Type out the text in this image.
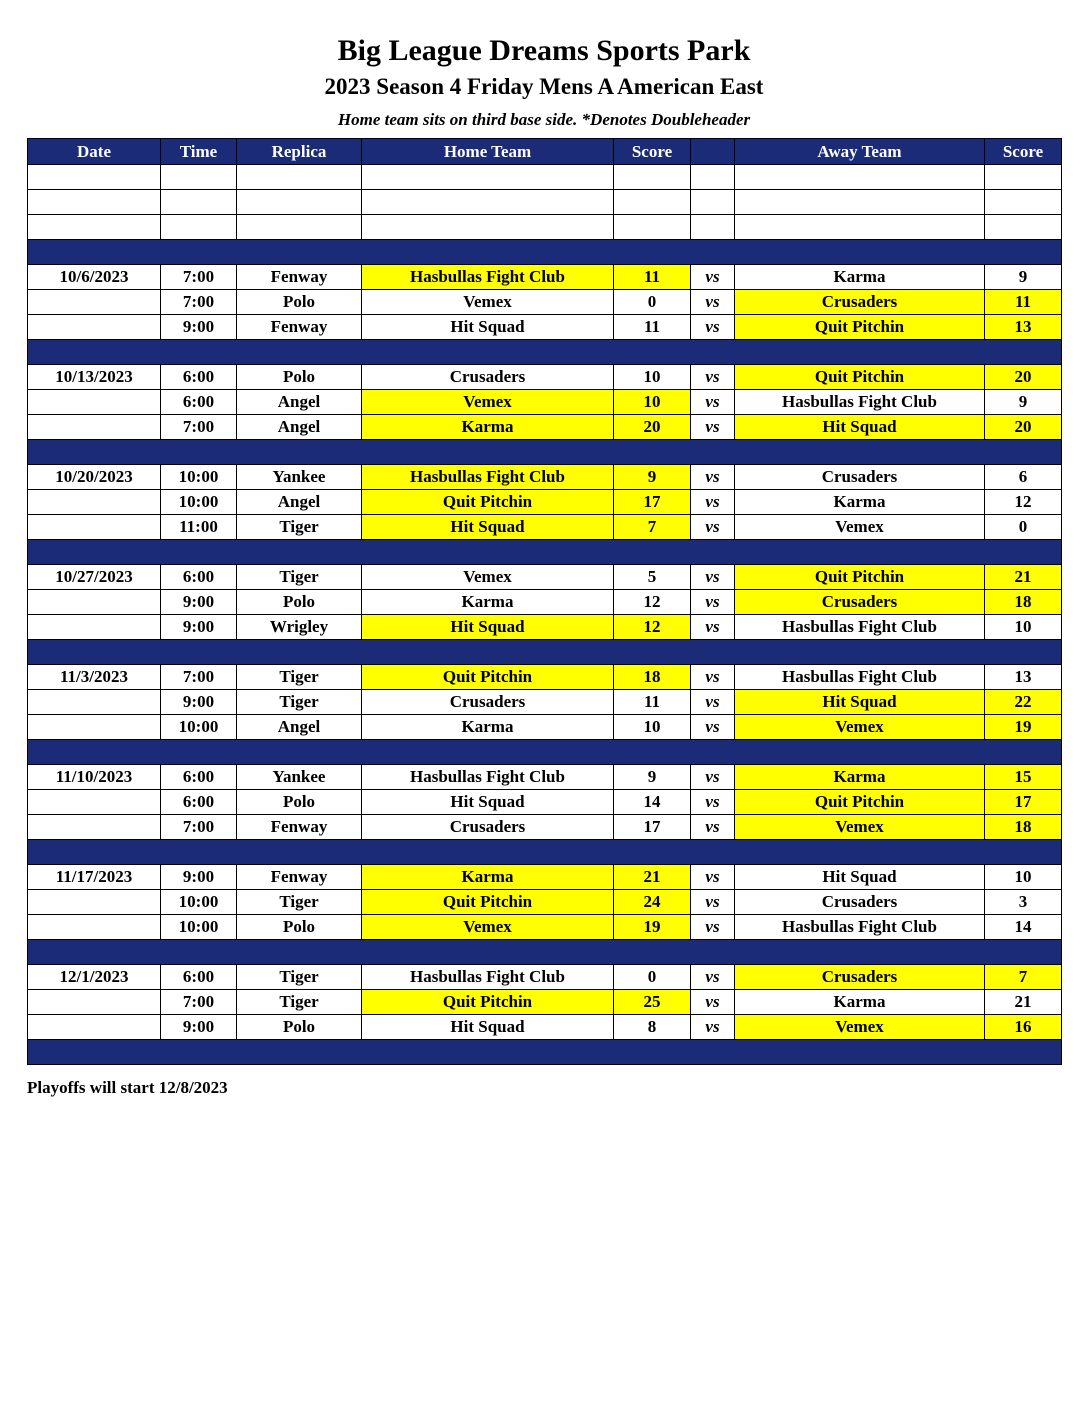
Big League Dreams Sports Park
2023 Season 4 Friday Mens A American East
Home team sits on third base side. *Denotes Doubleheader
Date	Time	Replica	Home Team	Score		Away Team	Score

10/6/2023	7:00	Fenway	Hasbullas Fight Club	11	vs	Karma	9
	7:00	Polo	Vemex	0	vs	Crusaders	11
	9:00	Fenway	Hit Squad	11	vs	Quit Pitchin	13

10/13/2023	6:00	Polo	Crusaders	10	vs	Quit Pitchin	20
	6:00	Angel	Vemex	10	vs	Hasbullas Fight Club	9
	7:00	Angel	Karma	20	vs	Hit Squad	20

10/20/2023	10:00	Yankee	Hasbullas Fight Club	9	vs	Crusaders	6
	10:00	Angel	Quit Pitchin	17	vs	Karma	12
	11:00	Tiger	Hit Squad	7	vs	Vemex	0

10/27/2023	6:00	Tiger	Vemex	5	vs	Quit Pitchin	21
	9:00	Polo	Karma	12	vs	Crusaders	18
	9:00	Wrigley	Hit Squad	12	vs	Hasbullas Fight Club	10

11/3/2023	7:00	Tiger	Quit Pitchin	18	vs	Hasbullas Fight Club	13
	9:00	Tiger	Crusaders	11	vs	Hit Squad	22
	10:00	Angel	Karma	10	vs	Vemex	19

11/10/2023	6:00	Yankee	Hasbullas Fight Club	9	vs	Karma	15
	6:00	Polo	Hit Squad	14	vs	Quit Pitchin	17
	7:00	Fenway	Crusaders	17	vs	Vemex	18

11/17/2023	9:00	Fenway	Karma	21	vs	Hit Squad	10
	10:00	Tiger	Quit Pitchin	24	vs	Crusaders	3
	10:00	Polo	Vemex	19	vs	Hasbullas Fight Club	14

12/1/2023	6:00	Tiger	Hasbullas Fight Club	0	vs	Crusaders	7
	7:00	Tiger	Quit Pitchin	25	vs	Karma	21
	9:00	Polo	Hit Squad	8	vs	Vemex	16

Playoffs will start 12/8/2023
